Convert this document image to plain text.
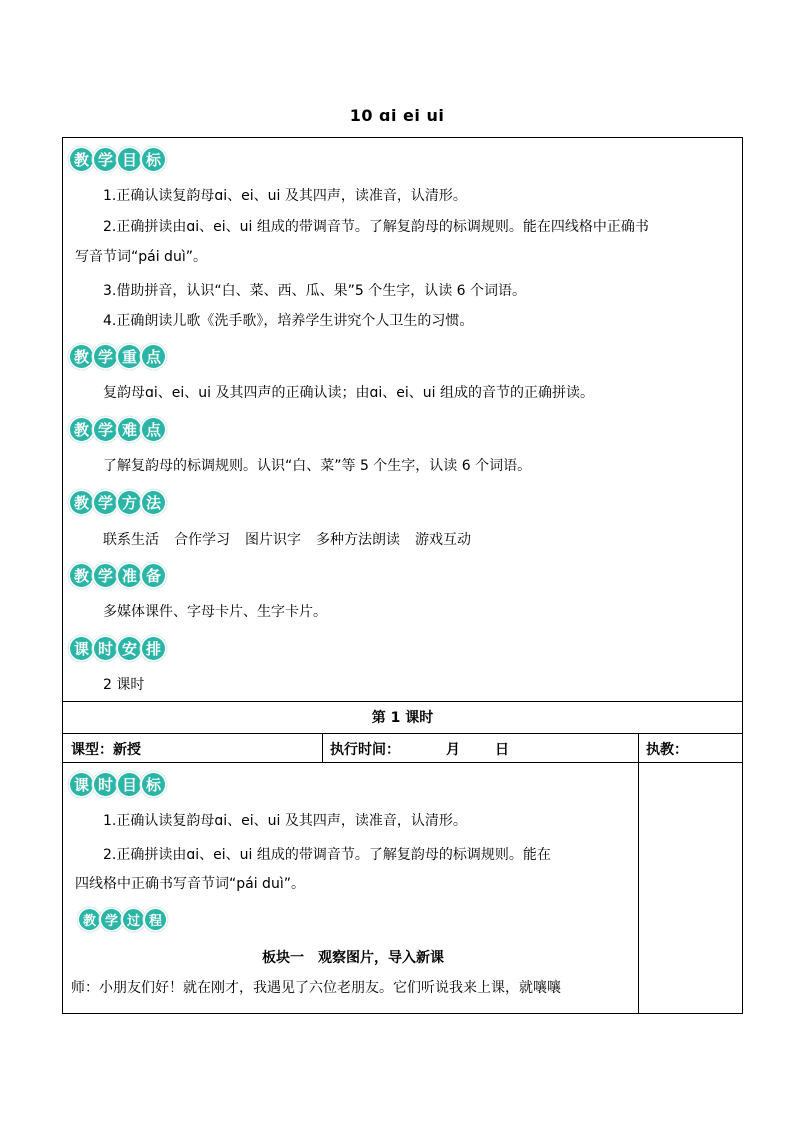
10 ɑi ei ui
教 学 目 标
1.正确认读复韵母ɑi、ei、ui 及其四声，读准音，认清形。
2.正确拼读由ɑi、ei、ui 组成的带调音节。了解复韵母的标调规则。能在四线格中正确书
写音节词“pái duì”。
3.借助拼音，认识“白、菜、西、瓜、果”5 个生字，认读 6 个词语。
4.正确朗读儿歌《洗手歌》，培养学生讲究个人卫生的习惯。
教 学 重 点
复韵母ɑi、ei、ui 及其四声的正确认读；由ɑi、ei、ui 组成的音节的正确拼读。
教 学 难 点
了解复韵母的标调规则。认识“白、菜”等 5 个生字，认读 6 个词语。
教 学 方 法
联系生活 合作学习 图片识字 多种方法朗读 游戏互动
教 学 准 备
多媒体课件、字母卡片、生字卡片。
课 时 安 排
2 课时
第 1 课时
课型：新授	执行时间：	月	日	执教：
课 时 目 标
1.正确认读复韵母ɑi、ei、ui 及其四声，读准音，认清形。
2.正确拼读由ɑi、ei、ui 组成的带调音节。了解复韵母的标调规则。能在
四线格中正确书写音节词“pái duì”。
教 学 过 程
板块一　观察图片，导入新课
师：小朋友们好！就在刚才，我遇见了六位老朋友。它们听说我来上课，就嚷嚷
